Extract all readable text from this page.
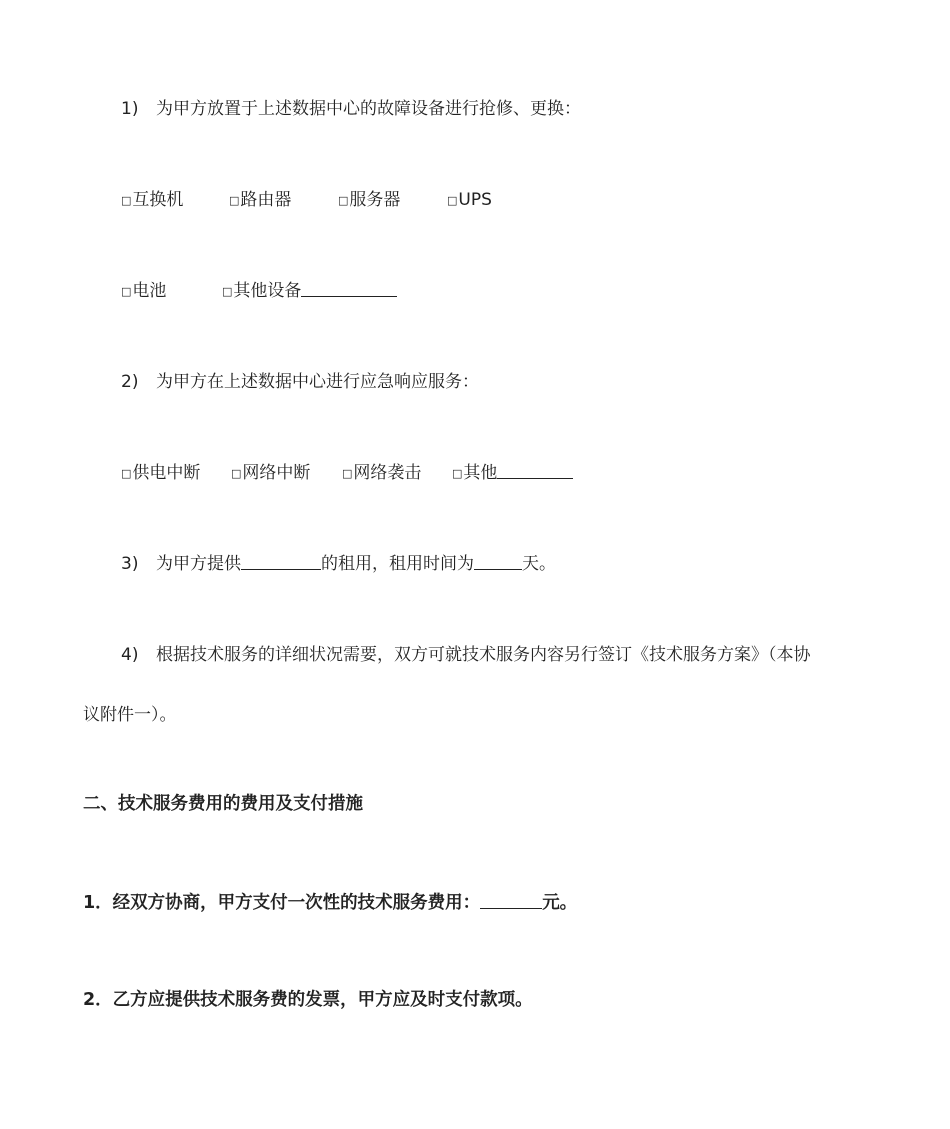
1) 为甲方放置于上述数据中心的故障设备进行抢修、更换：
□互换机	□路由器	□服务器	□UPS
□电池	□其他设备
2) 为甲方在上述数据中心进行应急响应服务：
□供电中断	□网络中断	□网络袭击	□其他
3) 为甲方提供	的租用，租用时间为	天。
4) 根据技术服务的详细状况需要，双方可就技术服务内容另行签订《技术服务方案》（本协
议附件一）。
二、技术服务费用的费用及支付措施
1．经双方协商，甲方支付一次性的技术服务费用：	元。
2．乙方应提供技术服务费的发票，甲方应及时支付款项。
